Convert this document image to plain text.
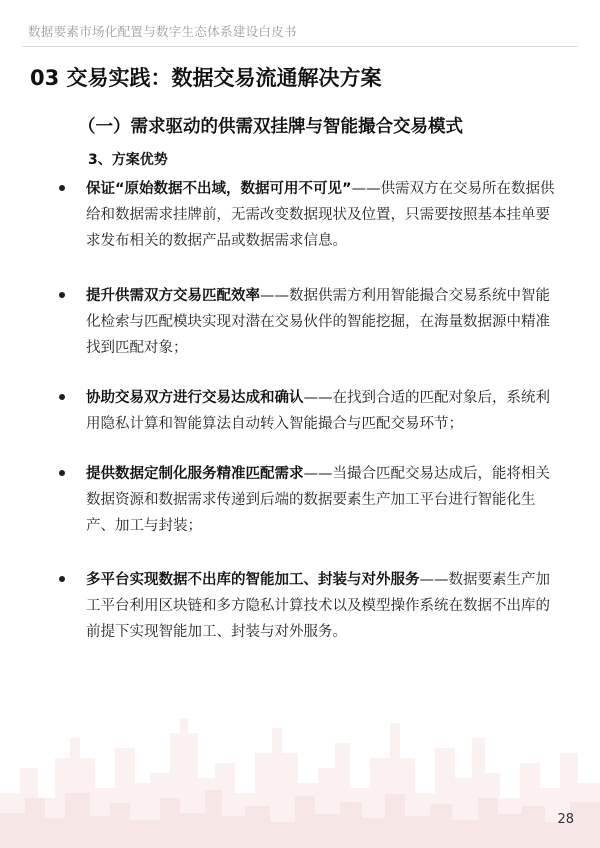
数据要素市场化配置与数字生态体系建设白皮书
03 交易实践：数据交易流通解决方案
（一）需求驱动的供需双挂牌与智能撮合交易模式
3、方案优势
保证“原始数据不出域，数据可用不可见”——供需双方在交易所在数据供给和数据需求挂牌前，无需改变数据现状及位置，只需要按照基本挂单要求发布相关的数据产品或数据需求信息。
提升供需双方交易匹配效率——数据供需方利用智能撮合交易系统中智能化检索与匹配模块实现对潜在交易伙伴的智能挖掘，在海量数据源中精准找到匹配对象；
协助交易双方进行交易达成和确认——在找到合适的匹配对象后，系统利用隐私计算和智能算法自动转入智能撮合与匹配交易环节；
提供数据定制化服务精准匹配需求——当撮合匹配交易达成后，能将相关数据资源和数据需求传递到后端的数据要素生产加工平台进行智能化生产、加工与封装；
多平台实现数据不出库的智能加工、封装与对外服务——数据要素生产加工平台利用区块链和多方隐私计算技术以及模型操作系统在数据不出库的前提下实现智能加工、封装与对外服务。
28
